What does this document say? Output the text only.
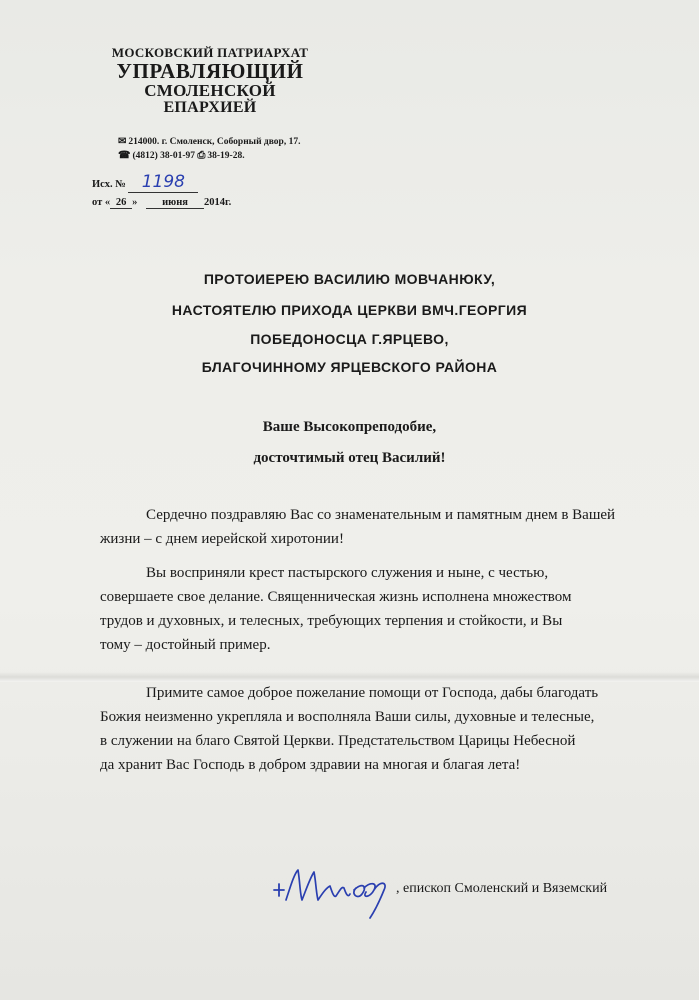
МОСКОВСКИЙ ПАТРИАРХАТ
УПРАВЛЯЮЩИЙ
СМОЛЕНСКОЙ
ЕПАРХИЕЙ
✉ 214000. г. Смоленск, Соборный двор, 17.
☎ (4812) 38-01-97 ⎙ 38-19-28.
Исх. № 1198
от « 26 » июня 2014г.
ПРОТОИЕРЕЮ ВАСИЛИЮ МОВЧАНЮКУ,
НАСТОЯТЕЛЮ ПРИХОДА ЦЕРКВИ ВМЧ.ГЕОРГИЯ
ПОБЕДОНОСЦА Г.ЯРЦЕВО,
БЛАГОЧИННОМУ ЯРЦЕВСКОГО РАЙОНА
Ваше Высокопреподобие,
досточтимый отец Василий!
Сердечно поздравляю Вас со знаменательным и памятным днем в Вашей
жизни – с днем иерейской хиротонии!
Вы восприняли крест пастырского служения и ныне, с честью,
совершаете свое делание. Священническая жизнь исполнена множеством
трудов и духовных, и телесных, требующих терпения и стойкости, и Вы
тому – достойный пример.
Примите самое доброе пожелание помощи от Господа, дабы благодать
Божия неизменно укрепляла и восполняла Ваши силы, духовные и телесные,
в служении на благо Святой Церкви. Предстательством Царицы Небесной
да хранит Вас Господь в добром здравии на многая и благая лета!
, епископ Смоленский и Вяземский
